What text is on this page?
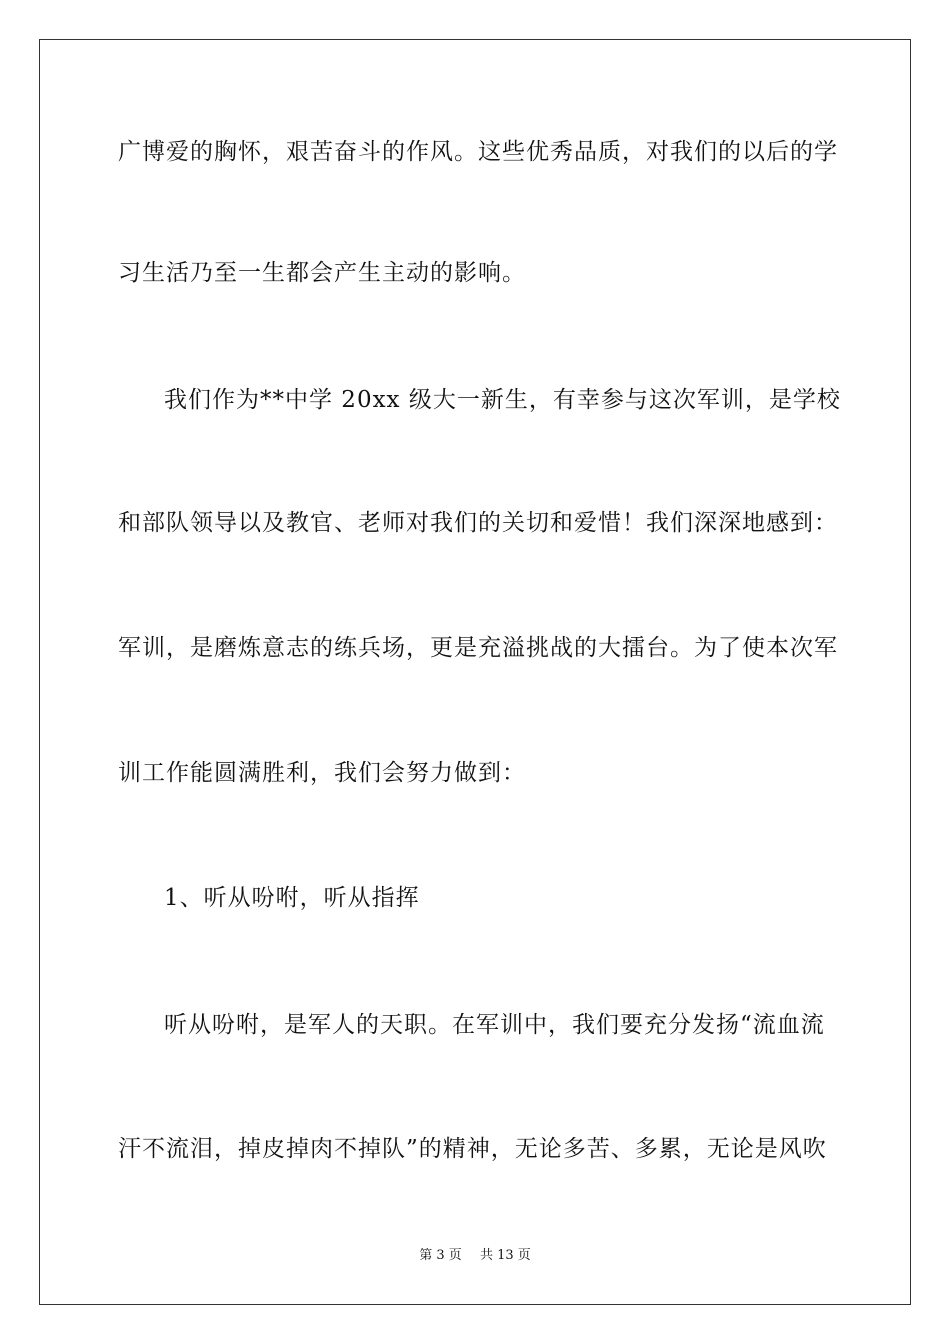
广博爱的胸怀，艰苦奋斗的作风。这些优秀品质，对我们的以后的学
习生活乃至一生都会产生主动的影响。
我们作为**中学 20xx 级大一新生，有幸参与这次军训，是学校
和部队领导以及教官、老师对我们的关切和爱惜！我们深深地感到：
军训，是磨炼意志的练兵场，更是充溢挑战的大擂台。为了使本次军
训工作能圆满胜利，我们会努力做到：
1、听从吩咐，听从指挥
听从吩咐，是军人的天职。在军训中，我们要充分发扬“流血流
汗不流泪，掉皮掉肉不掉队”的精神，无论多苦、多累，无论是风吹
第 3 页 共 13 页
